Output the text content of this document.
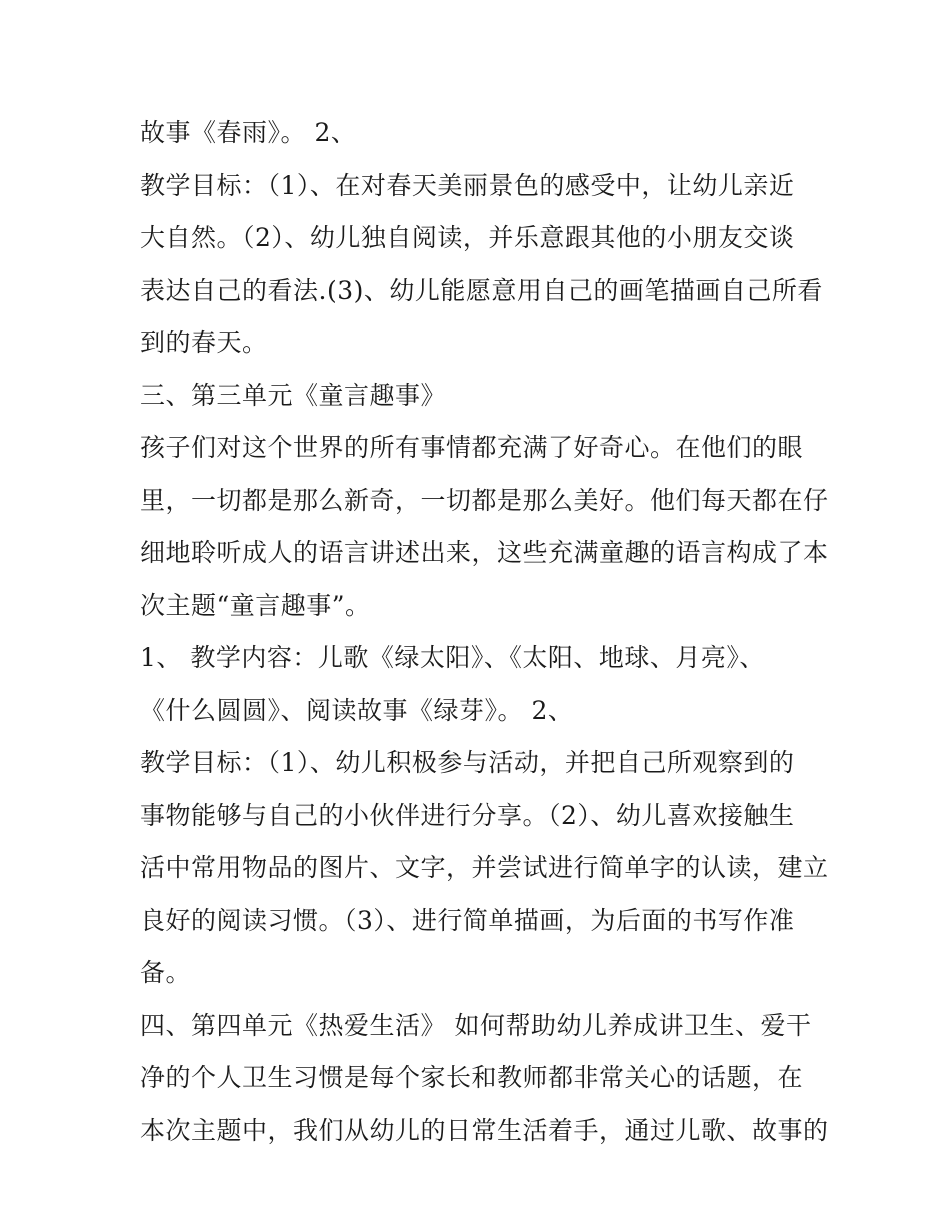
故事《春雨》。 2、
教学目标：（1）、在对春天美丽景色的感受中，让幼儿亲近
大自然。（2）、幼儿独自阅读，并乐意跟其他的小朋友交谈
表达自己的看法.(3)、幼儿能愿意用自己的画笔描画自己所看
到的春天。
三、第三单元《童言趣事》
孩子们对这个世界的所有事情都充满了好奇心。在他们的眼
里，一切都是那么新奇，一切都是那么美好。他们每天都在仔
细地聆听成人的语言讲述出来，这些充满童趣的语言构成了本
次主题“童言趣事”。
1、 教学内容：儿歌《绿太阳》、《太阳、地球、月亮》、
《什么圆圆》、阅读故事《绿芽》。 2、
教学目标：（1）、幼儿积极参与活动，并把自己所观察到的
事物能够与自己的小伙伴进行分享。（2）、幼儿喜欢接触生
活中常用物品的图片、文字，并尝试进行简单字的认读，建立
良好的阅读习惯。（3）、进行简单描画，为后面的书写作准
备。
四、第四单元《热爱生活》 如何帮助幼儿养成讲卫生、爱干
净的个人卫生习惯是每个家长和教师都非常关心的话题，在
本次主题中，我们从幼儿的日常生活着手，通过儿歌、故事的
